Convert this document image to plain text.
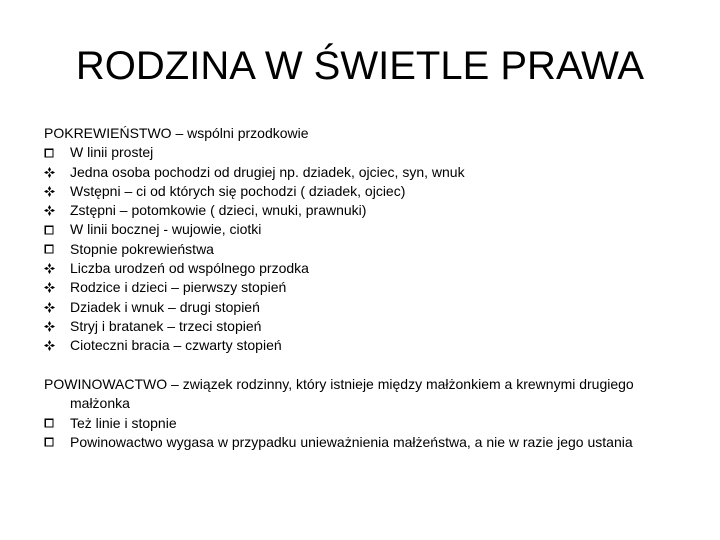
RODZINA W ŚWIETLE PRAWA
POKREWIEŃSTWO – wspólni przodkowie
W linii prostej
Jedna osoba pochodzi od drugiej np. dziadek, ojciec, syn, wnuk
Wstępni – ci od których się pochodzi ( dziadek, ojciec)
Zstępni – potomkowie ( dzieci, wnuki, prawnuki)
W linii bocznej - wujowie, ciotki
Stopnie pokrewieństwa
Liczba urodzeń od wspólnego przodka
Rodzice i dzieci – pierwszy stopień
Dziadek i wnuk – drugi stopień
Stryj i bratanek – trzeci stopień
Cioteczni bracia – czwarty stopień
POWINOWACTWO – związek rodzinny, który istnieje między małżonkiem a krewnymi drugiego małżonka
Też linie i stopnie
Powinowactwo wygasa w przypadku unieważnienia małżeństwa, a nie w razie jego ustania
